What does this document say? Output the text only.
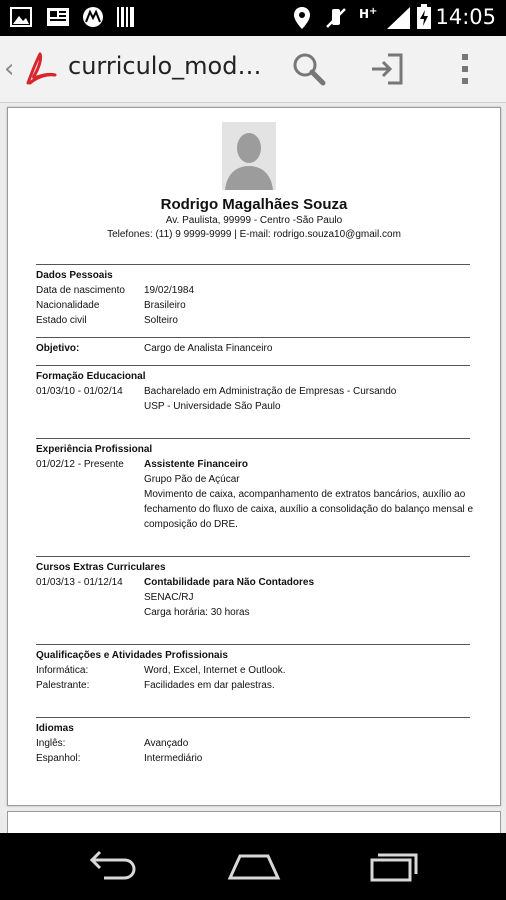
H +	14:05
‹ curriculo_mod…
Rodrigo Magalhães Souza
Av. Paulista, 99999 - Centro -São Paulo
Telefones: (11) 9 9999-9999 | E-mail: rodrigo.souza10@gmail.com
Dados Pessoais
Data de nascimento 19/02/1984
Nacionalidade	Brasileiro
Estado civil	Solteiro
Objetivo:	Cargo de Analista Financeiro
Formação Educacional
01/03/10 - 01/02/14 Bacharelado em Administração de Empresas - Cursando
USP - Universidade São Paulo
Experiência Profissional
01/02/12 - Presente Assistente Financeiro
Grupo Pão de Açúcar
Movimento de caixa, acompanhamento de extratos bancários, auxílio ao fechamento do fluxo de caixa, auxílio a consolidação do balanço mensal e composição do DRE.
Cursos Extras Curriculares
01/03/13 - 01/12/14 Contabilidade para Não Contadores
SENAC/RJ
Carga horária: 30 horas
Qualificações e Atividades Profissionais
Informática:	Word, Excel, Internet e Outlook.
Palestrante:	Facilidades em dar palestras.
Idiomas
Inglês:	Avançado
Espanhol:	Intermediário
